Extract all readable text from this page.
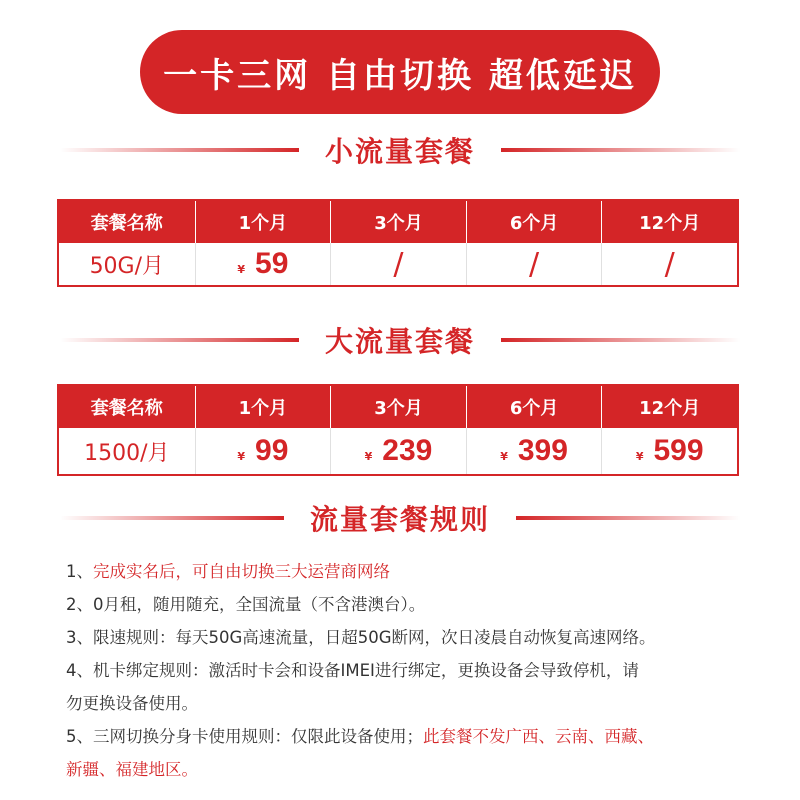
一卡三网 自由切换 超低延迟
小流量套餐
套餐名称	1个月	3个月	6个月	12个月
50G/月	¥ 59	/	/	/
大流量套餐
套餐名称	1个月	3个月	6个月	12个月
1500/月	¥ 99	¥ 239	¥ 399	¥ 599
流量套餐规则

1、完成实名后，可自由切换三大运营商网络

2、0月租，随用随充，全国流量（不含港澳台）。

3、限速规则：每天50G高速流量，日超50G断网，次日凌晨自动恢复高速网络。

4、机卡绑定规则：激活时卡会和设备IMEI进行绑定，更换设备会导致停机，请

勿更换设备使用。

5、三网切换分身卡使用规则：仅限此设备使用；此套餐不发广西、云南、西藏、

新疆、福建地区。
